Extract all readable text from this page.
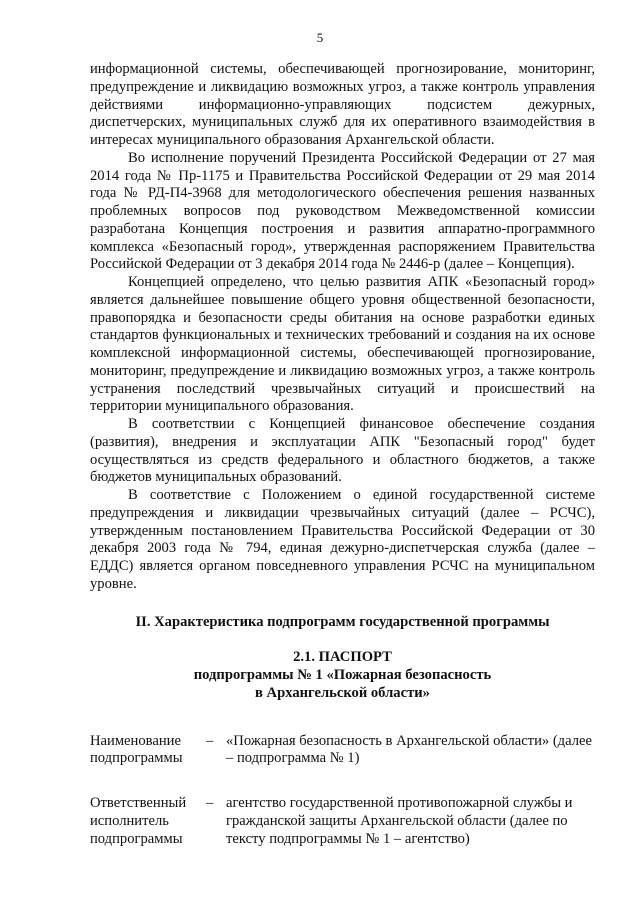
5

информационной системы, обеспечивающей прогнозирование, мониторинг, предупреждение и ликвидацию возможных угроз, а также контроль управления действиями информационно-управляющих подсистем дежурных, диспетчерских, муниципальных служб для их оперативного взаимодействия в интересах муниципального образования Архангельской области.

Во исполнение поручений Президента Российской Федерации от 27 мая 2014 года № Пр-1175 и Правительства Российской Федерации от 29 мая 2014 года № РД-П4-3968 для методологического обеспечения решения названных проблемных вопросов под руководством Межведомственной комиссии разработана Концепция построения и развития аппаратно-программного комплекса «Безопасный город», утвержденная распоряжением Правительства Российской Федерации от 3 декабря 2014 года № 2446-р (далее – Концепция).

Концепцией определено, что целью развития АПК «Безопасный город» является дальнейшее повышение общего уровня общественной безопасности, правопорядка и безопасности среды обитания на основе разработки единых стандартов функциональных и технических требований и создания на их основе комплексной информационной системы, обеспечивающей прогнозирование, мониторинг, предупреждение и ликвидацию возможных угроз, а также контроль устранения последствий чрезвычайных ситуаций и происшествий на территории муниципального образования.

В соответствии с Концепцией финансовое обеспечение создания (развития), внедрения и эксплуатации АПК "Безопасный город" будет осуществляться из средств федерального и областного бюджетов, а также бюджетов муниципальных образований.

В соответствие с Положением о единой государственной системе предупреждения и ликвидации чрезвычайных ситуаций (далее – РСЧС), утвержденным постановлением Правительства Российской Федерации от 30 декабря 2003 года № 794, единая дежурно-диспетчерская служба (далее – ЕДДС) является органом повседневного управления РСЧС на муниципальном уровне.

II. Характеристика подпрограмм государственной программы
2.1. ПАСПОРТ
подпрограммы № 1 «Пожарная безопасность
в Архангельской области»
Наименование
подпрограммы
– «Пожарная безопасность в Архангельской области» (далее – подпрограмма № 1)
Ответственный
исполнитель
подпрограммы
– агентство государственной противопожарной службы и гражданской защиты Архангельской области (далее по тексту подпрограммы № 1 – агентство)
